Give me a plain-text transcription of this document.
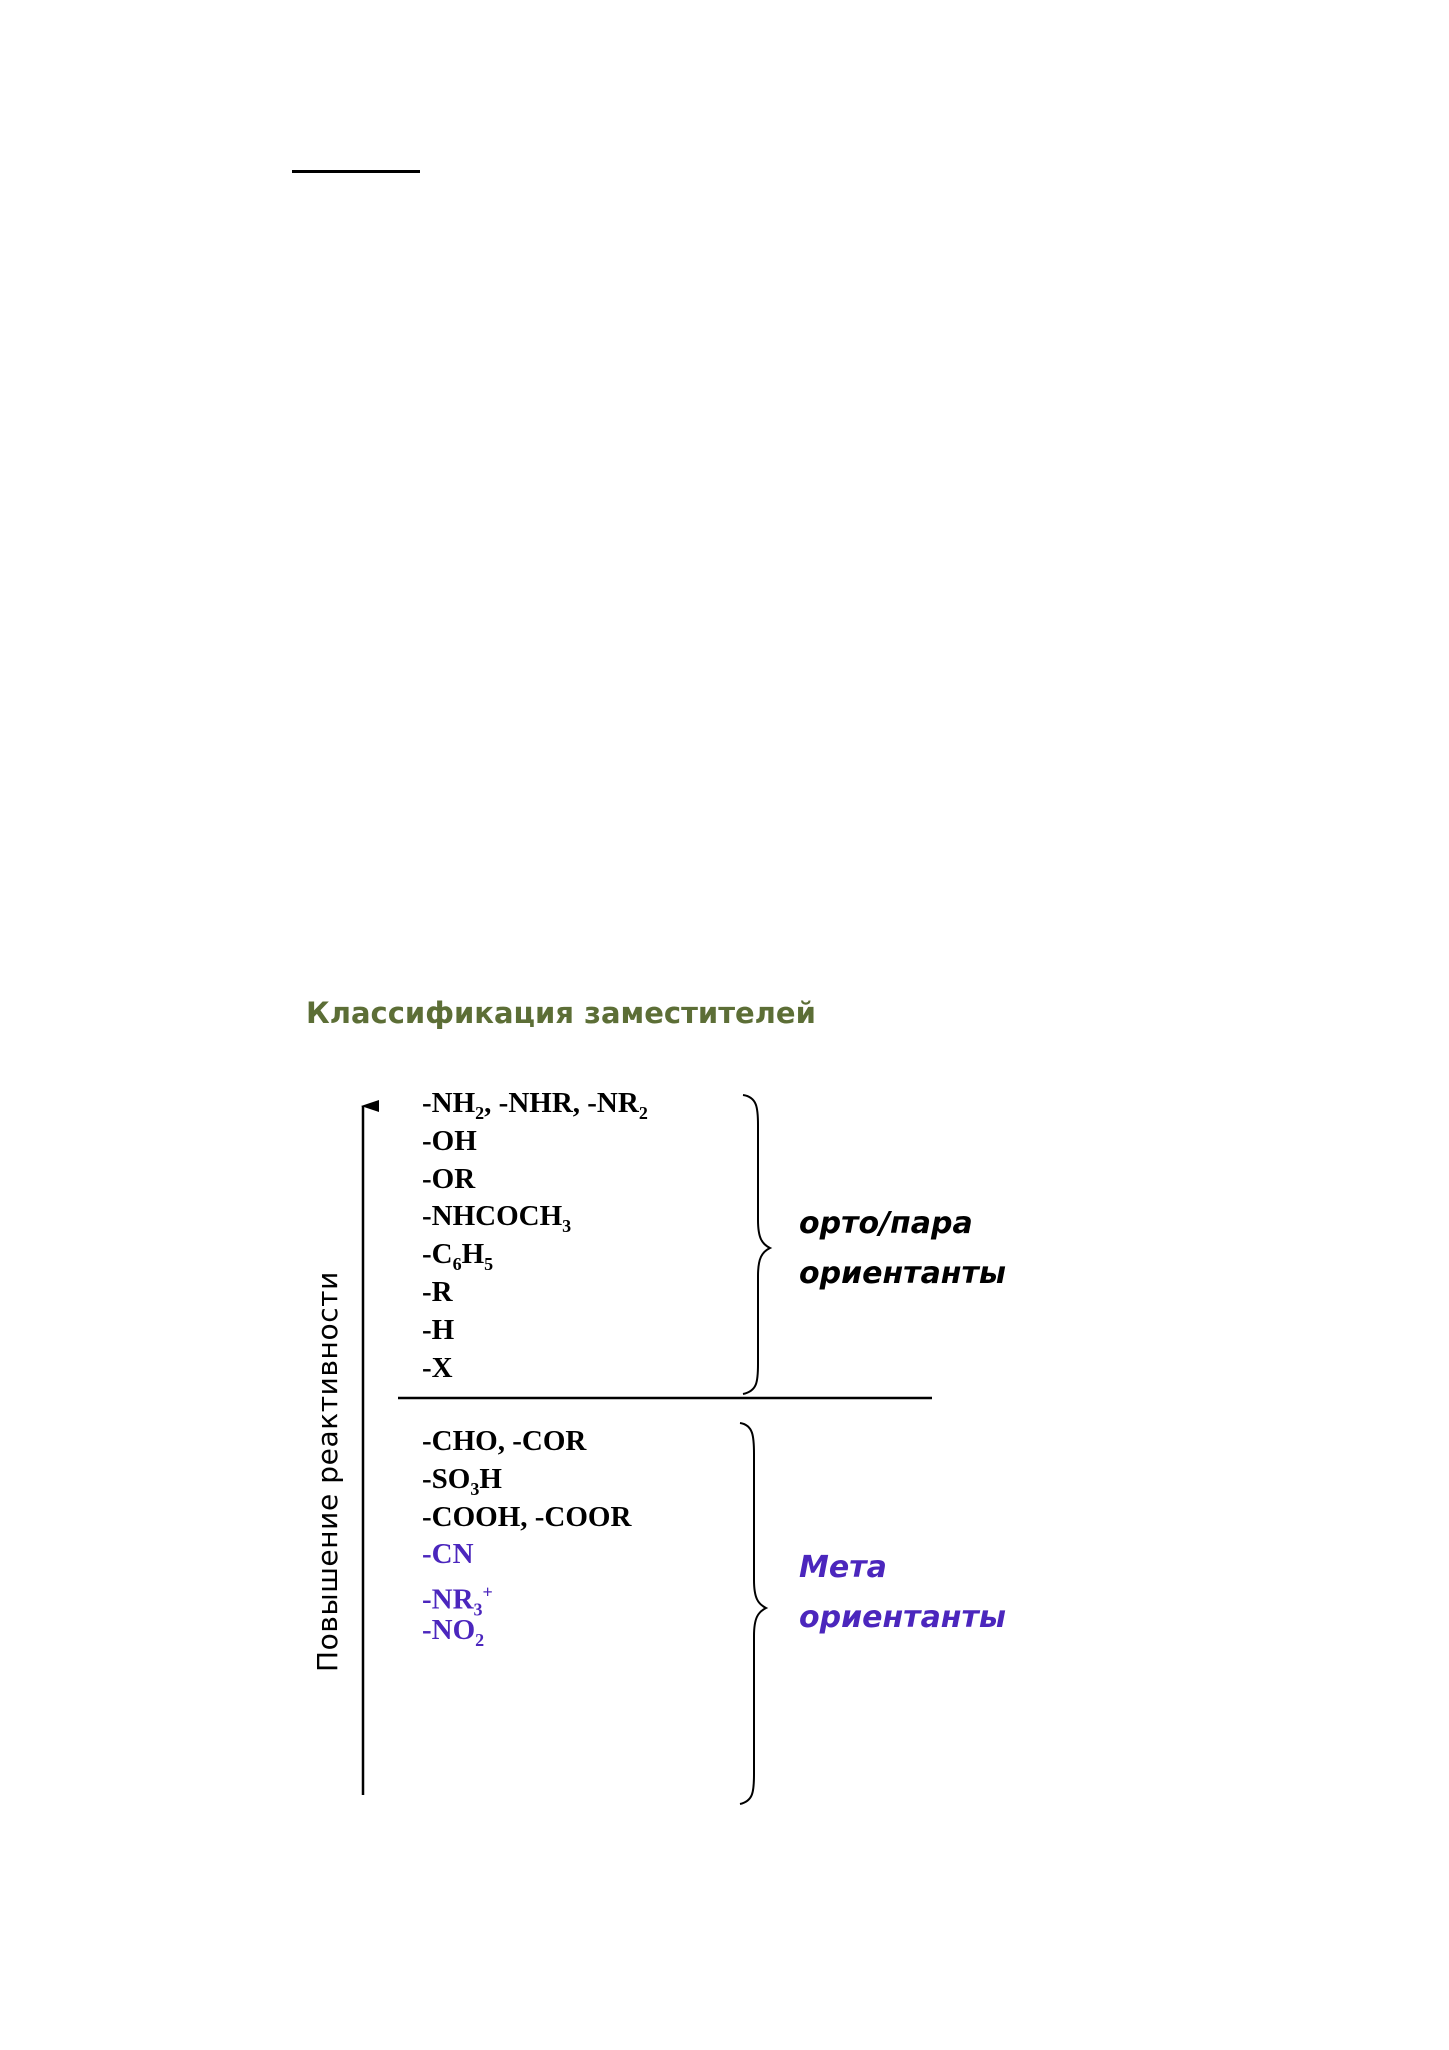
Классификация заместителей
Повышение реактивности
$-NH_2$, -NHR, $-NR_2$
-OH
-OR
$-NHCOCH_3$
$-C_6H_5$
-R
-H
-X
орто/пара
ориентанты
-CHO, -COR
$-SO_3H$
-COOH, -COOR
-CN
$-NR_3^+$
$-NO_2$
Мета
ориентанты
